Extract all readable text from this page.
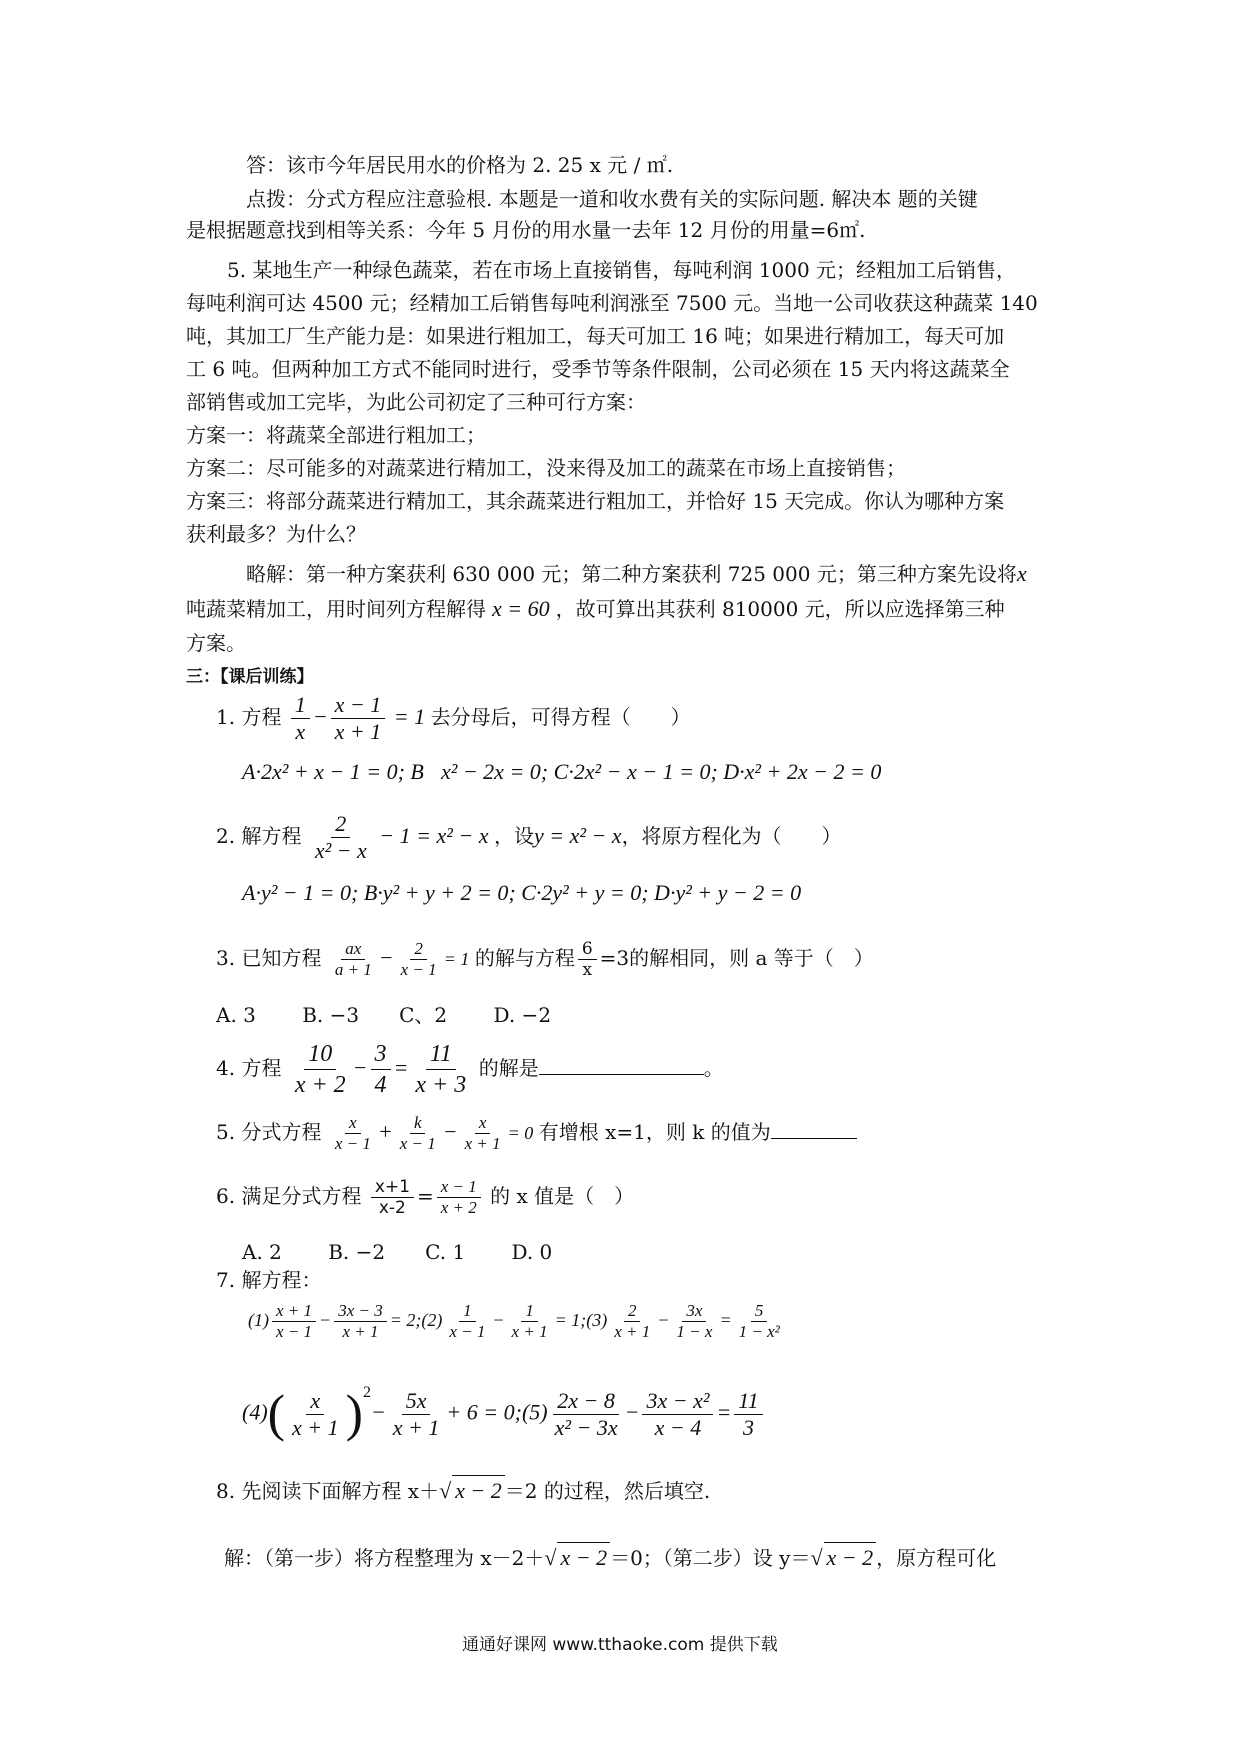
答：该市今年居民用水的价格为 2. 25 x 元 / ㎡.
点拨：分式方程应注意验根. 本题是一道和收水费有关的实际问题. 解决本 题的关键
是根据题意找到相等关系：今年 5 月份的用水量一去年 12 月份的用量=6㎡.
5. 某地生产一种绿色蔬菜，若在市场上直接销售，每吨利润 1000 元；经粗加工后销售，
每吨利润可达 4500 元；经精加工后销售每吨利润涨至 7500 元。当地一公司收获这种蔬菜 140
吨，其加工厂生产能力是：如果进行粗加工，每天可加工 16 吨；如果进行精加工，每天可加
工 6 吨。但两种加工方式不能同时进行，受季节等条件限制，公司必须在 15 天内将这蔬菜全
部销售或加工完毕，为此公司初定了三种可行方案：
方案一：将蔬菜全部进行粗加工；
方案二：尽可能多的对蔬菜进行精加工，没来得及加工的蔬菜在市场上直接销售；
方案三：将部分蔬菜进行精加工，其余蔬菜进行粗加工，并恰好 15 天完成。你认为哪种方案
获利最多？为什么？
略解：第一种方案获利 630 000 元；第二种方案获利 725 000 元；第三种方案先设将x
吨蔬菜精加工，用时间列方程解得 x = 60 ，故可算出其获利 810000 元，所以应选择第三种
方案。
三：【课后训练】
1. 方程 $\frac{1}{x} - \frac{x - 1}{x + 1} = 1$ 去分母后，可得方程（　　）
A·2x² + x − 1 = 0; B⃞x² − 2x = 0; C·2x² − x − 1 = 0; D·x² + 2x − 2 = 0
2. 解方程 $\frac{2}{\text{x² − x}} - 1 = x^2 - x$ ，设y = x² − x，将原方程化为（　　）
A·y² − 1 = 0; B·y² + y + 2 = 0; C·2y² + y = 0; D·y² + y − 2 = 0
3. 已知方程 $\frac{ax}{a + 1} - \frac{2}{x - 1} = 1$ 的解与方程 $\frac{6}{x} =3$的解相同，则 a 等于（　）
A. 3　　 B. −3　　C、2　　 D. −2
4. 方程 $\frac{10}{x + 2} - \frac{3}{4} = \frac{11}{x + 3}$ 的解是	。
5. 分式方程 $\frac{x}{x - 1} + \frac{k}{x - 1} - \frac{x}{x + 1} = 0$ 有增根 x=1，则 k 的值为
6. 满足分式方程 $\frac{x+1}{x-2} = \frac{x - 1}{x + 2}$ 的 x 值是（　）
A. 2　　 B. −2　　C. 1　　 D. 0
7. 解方程：
$(1) \frac{x + 1}{x - 1} - \frac{3x - 3}{x + 1}$ = 2;(2) $\frac{1}{x - 1} - \frac{1}{x + 1}$ = 1;(3) $\frac{2}{x + 1} - \frac{3x}{1 - x} = \frac{5}{\text{1 − x²}}$
$(4)( \frac{x}{x + 1} )^2- \frac{5x}{x + 1} + 6$ = 0;(5) $\frac{2x - 8}{\text{x² − 3x}} - \frac{\text{3x − x²}}{x - 4} = \frac{11}{3}$
8. 先阅读下面解方程 x＋√ x − 2 ＝2 的过程，然后填空.
解：（第一步）将方程整理为 x－2＋√ x − 2 ＝0；（第二步）设 y＝√ x − 2 ，原方程可化
通通好课网 www.tthaoke.com 提供下载
